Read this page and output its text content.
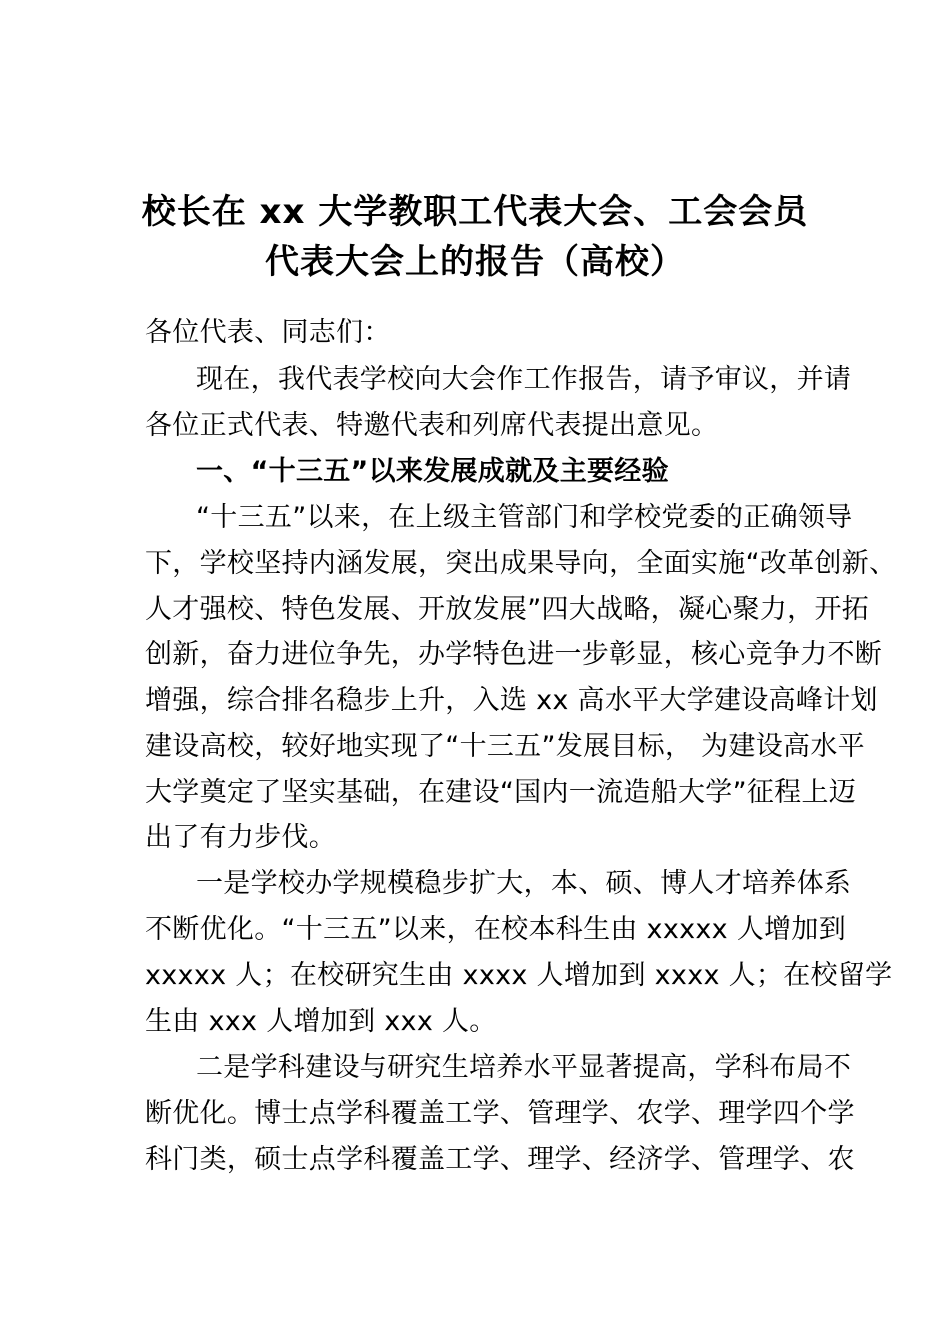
校长在 xx 大学教职工代表大会、工会会员
代表大会上的报告（高校）
各位代表、同志们：
现在，我代表学校向大会作工作报告，请予审议，并请
各位正式代表、特邀代表和列席代表提出意见。
一、“十三五”以来发展成就及主要经验
“十三五”以来，在上级主管部门和学校党委的正确领导
下，学校坚持内涵发展，突出成果导向，全面实施“改革创新、
人才强校、特色发展、开放发展”四大战略，凝心聚力，开拓
创新，奋力进位争先，办学特色进一步彰显，核心竞争力不断
增强，综合排名稳步上升，入选 xx 高水平大学建设高峰计划
建设高校，较好地实现了“十三五”发展目标， 为建设高水平
大学奠定了坚实基础，在建设“国内一流造船大学”征程上迈
出了有力步伐。
一是学校办学规模稳步扩大，本、硕、博人才培养体系
不断优化。“十三五”以来，在校本科生由 xxxxx 人增加到
xxxxx 人；在校研究生由 xxxx 人增加到 xxxx 人；在校留学
生由 xxx 人增加到 xxx 人。
二是学科建设与研究生培养水平显著提高，学科布局不
断优化。博士点学科覆盖工学、管理学、农学、理学四个学
科门类，硕士点学科覆盖工学、理学、经济学、管理学、农
